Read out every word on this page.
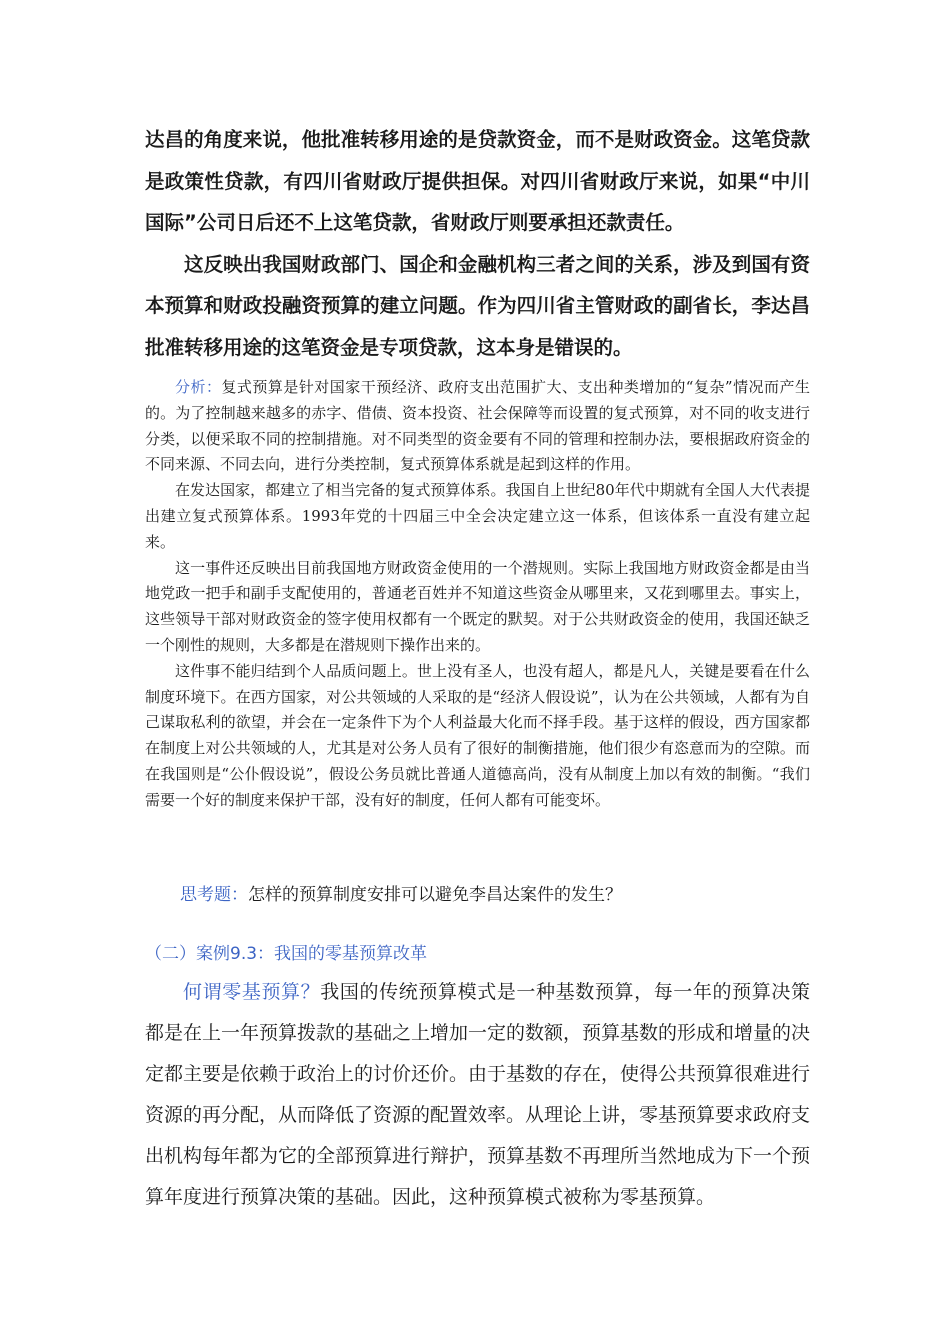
达昌的角度来说，他批准转移用途的是贷款资金，而不是财政资金。这笔贷款是政策性贷款，有四川省财政厅提供担保。对四川省财政厅来说，如果“中川国际”公司日后还不上这笔贷款，省财政厅则要承担还款责任。

这反映出我国财政部门、国企和金融机构三者之间的关系，涉及到国有资本预算和财政投融资预算的建立问题。作为四川省主管财政的副省长，李达昌批准转移用途的这笔资金是专项贷款，这本身是错误的。

分析：复式预算是针对国家干预经济、政府支出范围扩大、支出种类增加的“复杂”情况而产生的。为了控制越来越多的赤字、借债、资本投资、社会保障等而设置的复式预算，对不同的收支进行分类，以便采取不同的控制措施。对不同类型的资金要有不同的管理和控制办法，要根据政府资金的不同来源、不同去向，进行分类控制，复式预算体系就是起到这样的作用。

在发达国家，都建立了相当完备的复式预算体系。我国自上世纪80年代中期就有全国人大代表提出建立复式预算体系。1993年党的十四届三中全会决定建立这一体系，但该体系一直没有建立起来。

这一事件还反映出目前我国地方财政资金使用的一个潜规则。实际上我国地方财政资金都是由当地党政一把手和副手支配使用的，普通老百姓并不知道这些资金从哪里来，又花到哪里去。事实上，这些领导干部对财政资金的签字使用权都有一个既定的默契。对于公共财政资金的使用，我国还缺乏一个刚性的规则，大多都是在潜规则下操作出来的。

这件事不能归结到个人品质问题上。世上没有圣人，也没有超人，都是凡人，关键是要看在什么制度环境下。在西方国家，对公共领域的人采取的是“经济人假设说”，认为在公共领域，人都有为自己谋取私利的欲望，并会在一定条件下为个人利益最大化而不择手段。基于这样的假设，西方国家都在制度上对公共领域的人，尤其是对公务人员有了很好的制衡措施，他们很少有恣意而为的空隙。而在我国则是“公仆假设说”，假设公务员就比普通人道德高尚，没有从制度上加以有效的制衡。“我们需要一个好的制度来保护干部，没有好的制度，任何人都有可能变坏。

思考题：怎样的预算制度安排可以避免李昌达案件的发生？

（二）案例9.3：我国的零基预算改革

何谓零基预算？我国的传统预算模式是一种基数预算，每一年的预算决策都是在上一年预算拨款的基础之上增加一定的数额，预算基数的形成和增量的决定都主要是依赖于政治上的讨价还价。由于基数的存在，使得公共预算很难进行资源的再分配，从而降低了资源的配置效率。从理论上讲，零基预算要求政府支出机构每年都为它的全部预算进行辩护，预算基数不再理所当然地成为下一个预算年度进行预算决策的基础。因此，这种预算模式被称为零基预算。
